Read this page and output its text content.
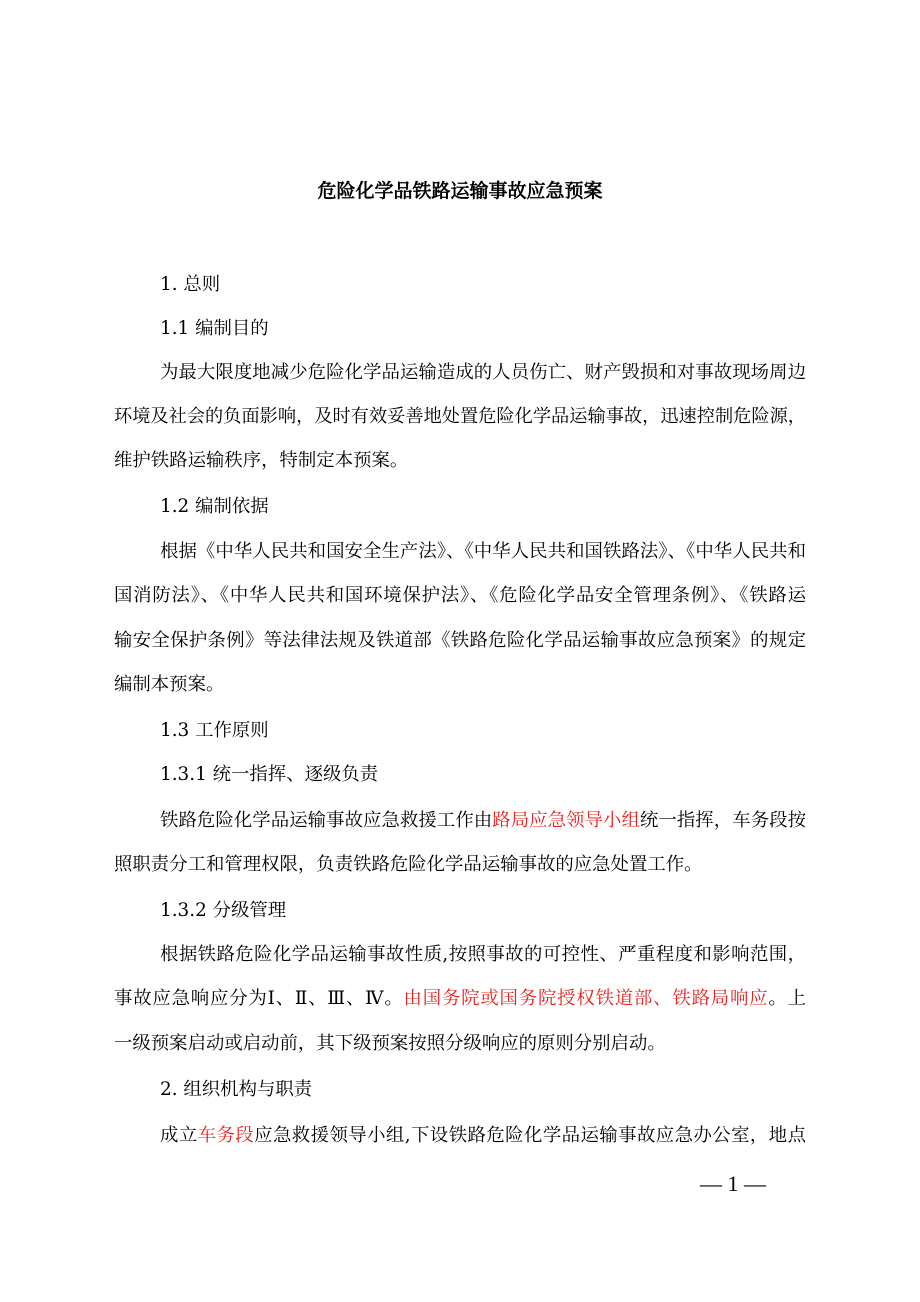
危险化学品铁路运输事故应急预案
1. 总则
1.1 编制目的
为最大限度地减少危险化学品运输造成的人员伤亡、财产毁损和对事故现场周边
环境及社会的负面影响，及时有效妥善地处置危险化学品运输事故，迅速控制危险源，
维护铁路运输秩序，特制定本预案。
1.2 编制依据
根据《中华人民共和国安全生产法》、《中华人民共和国铁路法》、《中华人民共和
国消防法》、《中华人民共和国环境保护法》、《危险化学品安全管理条例》、《铁路运
输安全保护条例》等法律法规及铁道部《铁路危险化学品运输事故应急预案》的规定
编制本预案。
1.3 工作原则
1.3.1 统一指挥、逐级负责
铁路危险化学品运输事故应急救援工作由路局应急领导小组统一指挥，车务段按
照职责分工和管理权限，负责铁路危险化学品运输事故的应急处置工作。
1.3.2 分级管理
根据铁路危险化学品运输事故性质,按照事故的可控性、严重程度和影响范围，
事故应急响应分为Ⅰ、Ⅱ、Ⅲ、Ⅳ。由国务院或国务院授权铁道部、铁路局响应。上
一级预案启动或启动前，其下级预案按照分级响应的原则分别启动。
2. 组织机构与职责
成立车务段应急救援领导小组,下设铁路危险化学品运输事故应急办公室，地点
— 1 —
